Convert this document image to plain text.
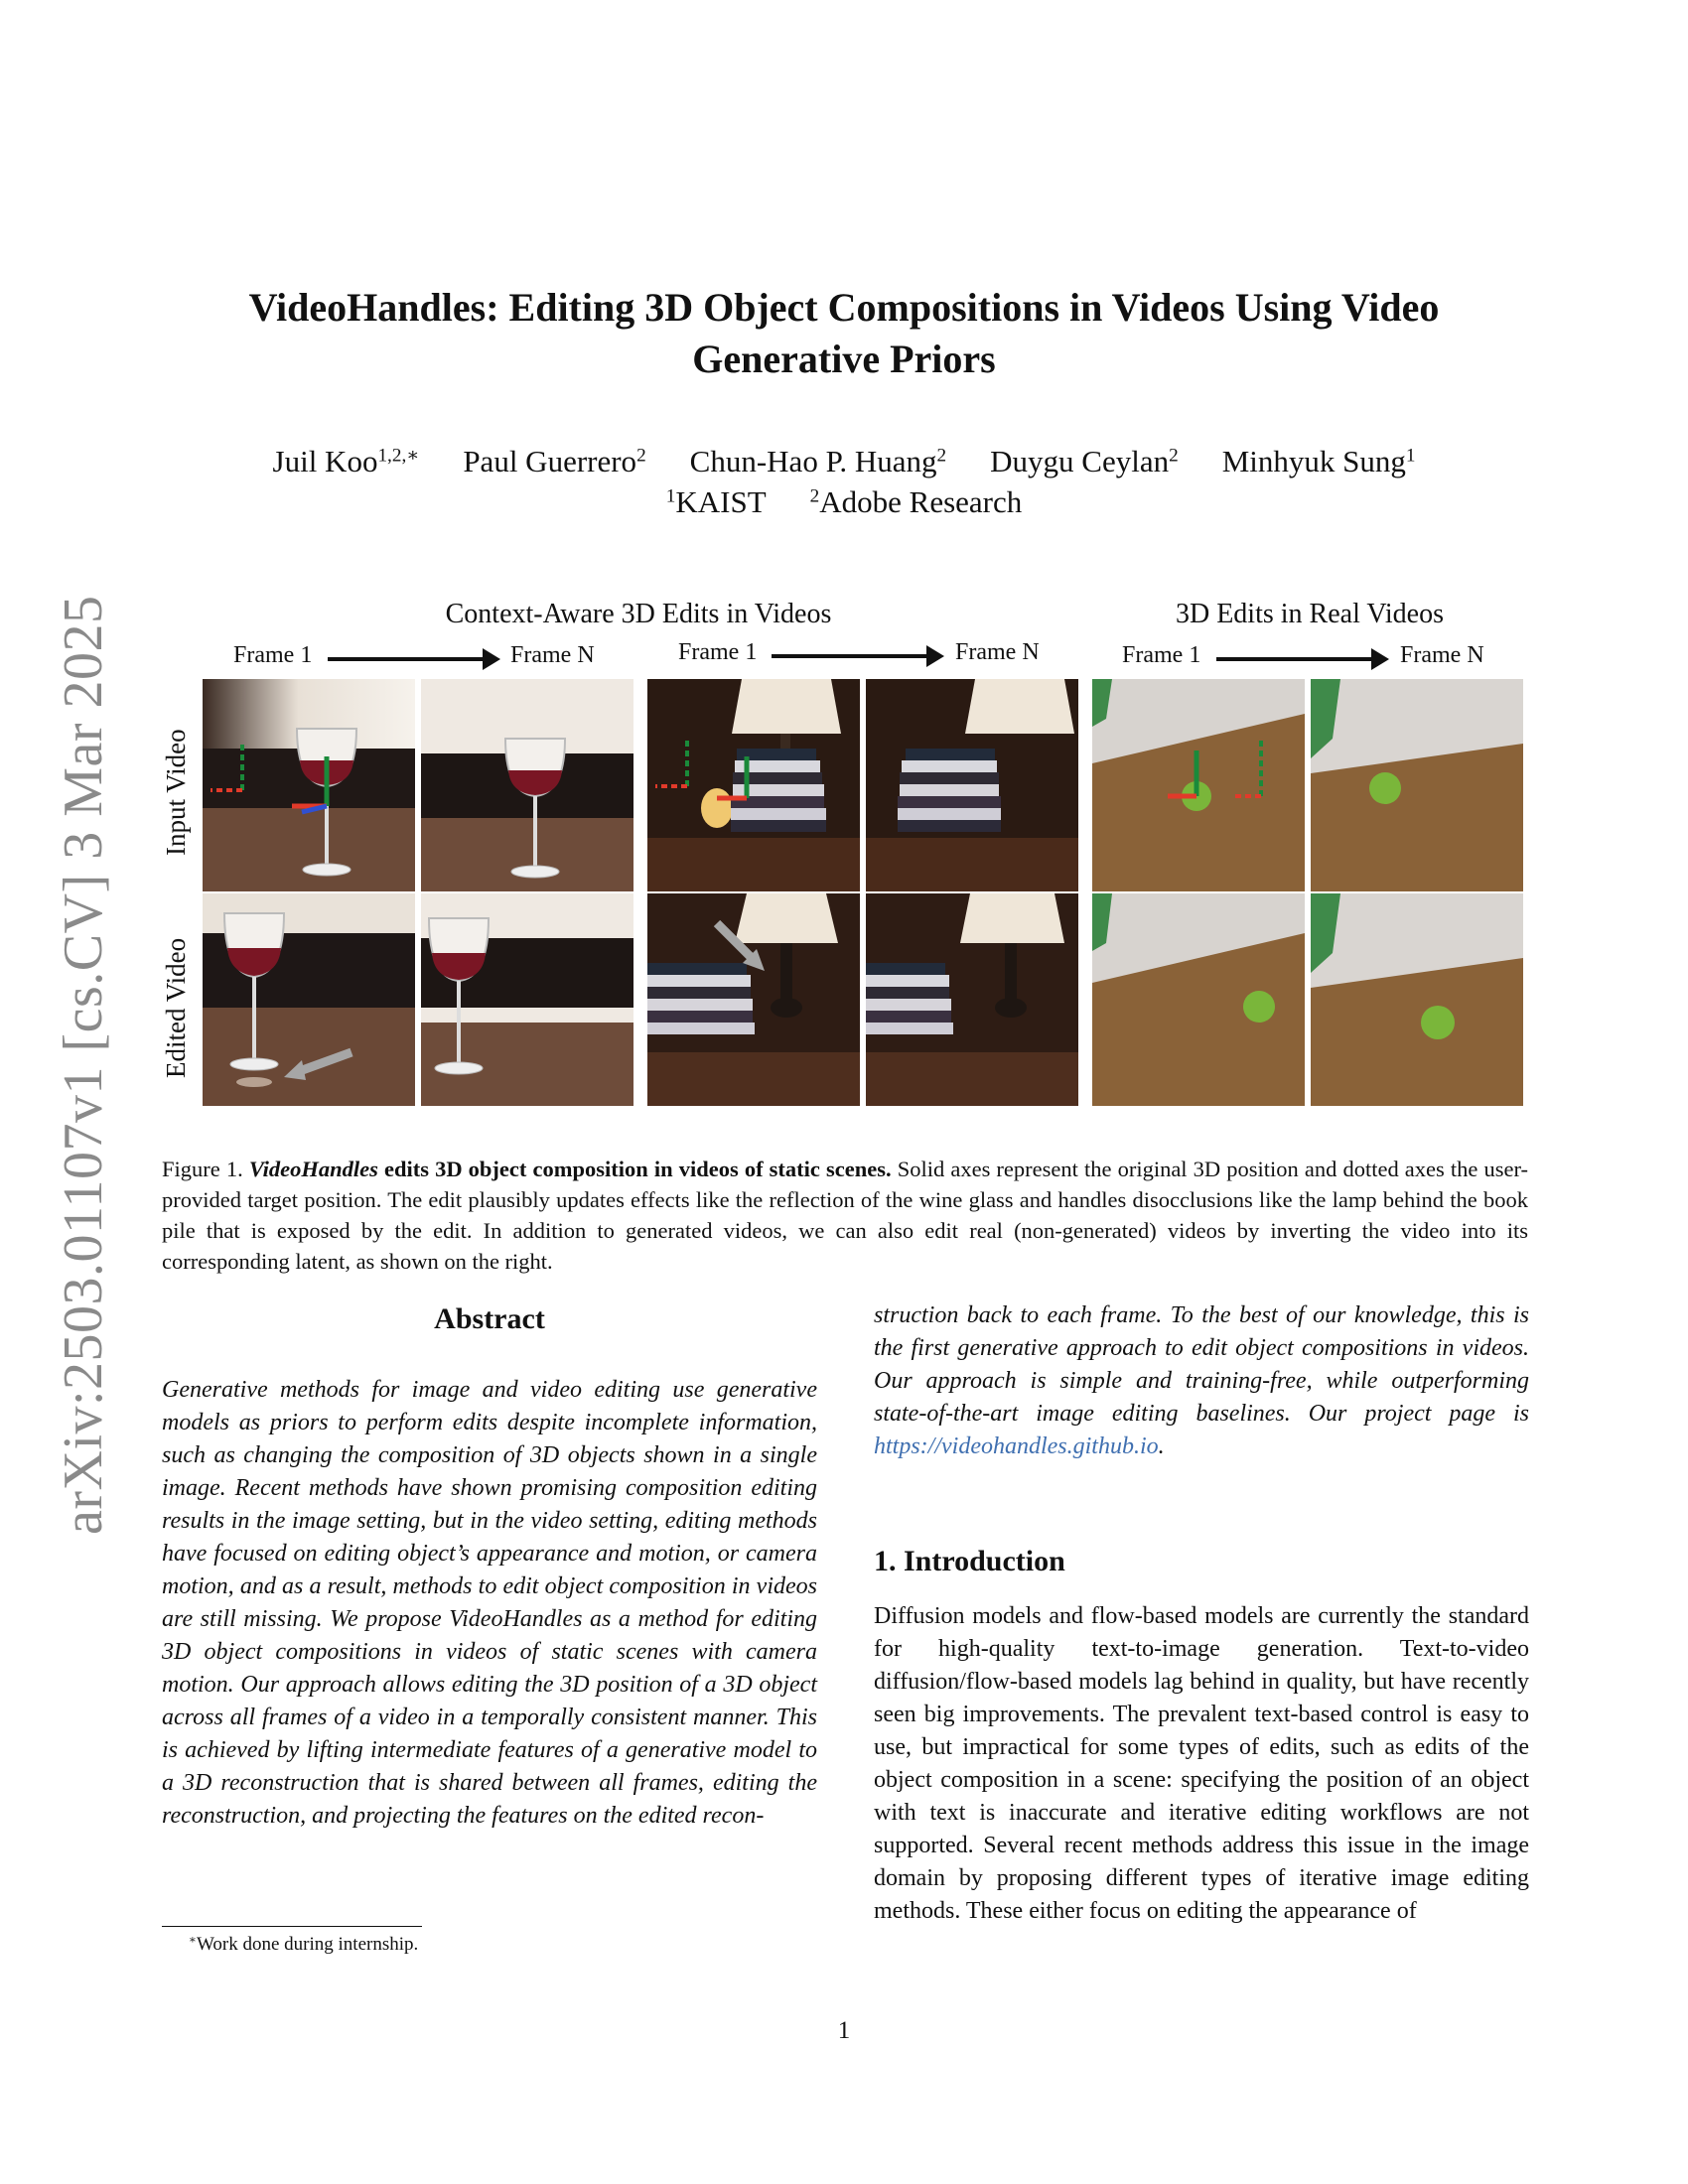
arXiv:2503.01107v1 [cs.CV] 3 Mar 2025
VideoHandles: Editing 3D Object Compositions in Videos Using Video
Generative Priors
Juil Koo$^{1,2,∗}$ Paul Guerrero$^2$ Chun-Hao P. Huang$^2$ Duygu Ceylan$^2$ Minhyuk Sung$^1$
$^1$KAIST $^2$Adobe Research
Context-Aware 3D Edits in Videos	3D Edits in Real Videos
Frame 1	Frame N	Frame 1	Frame N	Frame 1	Frame N
Input Video
Edited Video
Figure 1. VideoHandles edits 3D object composition in videos of static scenes. Solid axes represent the original 3D position and dotted axes the user-provided target position. The edit plausibly updates effects like the reflection of the wine glass and handles disocclusions like the lamp behind the book pile that is exposed by the edit. In addition to generated videos, we can also edit real (non-generated) videos by inverting the video into its corresponding latent, as shown on the right.
Abstract
Generative methods for image and video editing use generative models as priors to perform edits despite incomplete information, such as changing the composition of 3D objects shown in a single image. Recent methods have shown promising composition editing results in the image setting, but in the video setting, editing methods have focused on editing object’s appearance and motion, or camera motion, and as a result, methods to edit object composition in videos are still missing. We propose VideoHandles as a method for editing 3D object compositions in videos of static scenes with camera motion. Our approach allows editing the 3D position of a 3D object across all frames of a video in a temporally consistent manner. This is achieved by lifting intermediate features of a generative model to a 3D reconstruction that is shared between all frames, editing the reconstruction, and projecting the features on the edited recon-
struction back to each frame. To the best of our knowledge, this is the first generative approach to edit object compositions in videos. Our approach is simple and training-free, while outperforming state-of-the-art image editing baselines. Our project page is https://videohandles.github.io.
1. Introduction
Diffusion models and flow-based models are currently the standard for high-quality text-to-image generation. Text-to-video diffusion/flow-based models lag behind in quality, but have recently seen big improvements. The prevalent text-based control is easy to use, but impractical for some types of edits, such as edits of the object composition in a scene: specifying the position of an object with text is inaccurate and iterative editing workflows are not supported. Several recent methods address this issue in the image domain by proposing different types of iterative image editing methods. These either focus on editing the appearance of
∗Work done during internship.
1
